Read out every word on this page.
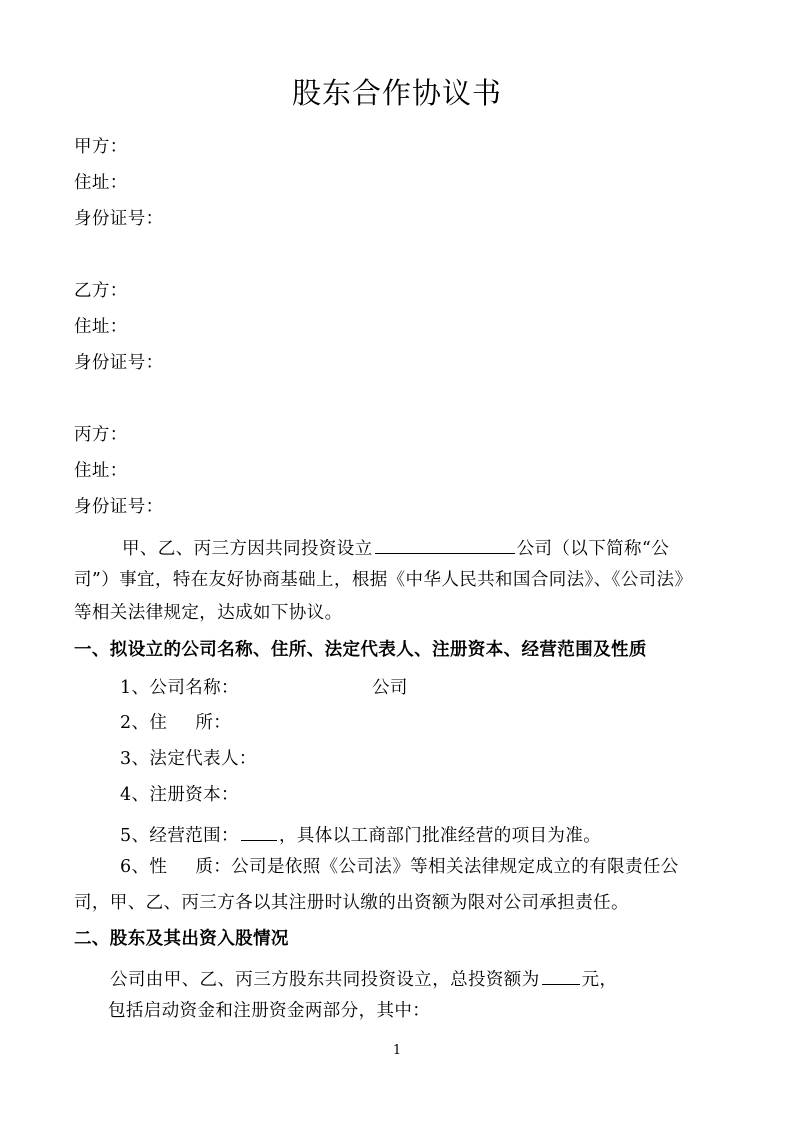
股东合作协议书
甲方：
住址：
身份证号：
乙方：
住址：
身份证号：
丙方：
住址：
身份证号：
甲、乙、丙三方因共同投资设立	公司（以下简称“公
司”）事宜，特在友好协商基础上，根据《中华人民共和国合同法》、《公司法》
等相关法律规定，达成如下协议。
一、拟设立的公司名称、住所、法定代表人、注册资本、经营范围及性质
1、公司名称：	公司
2、住 所：
3、法定代表人：
4、注册资本：
5、经营范围： ，具体以工商部门批准经营的项目为准。
6、性 质：公司是依照《公司法》等相关法律规定成立的有限责任公
司，甲、乙、丙三方各以其注册时认缴的出资额为限对公司承担责任。
二、股东及其出资入股情况
公司由甲、乙、丙三方股东共同投资设立，总投资额为 元，
包括启动资金和注册资金两部分，其中：
1
